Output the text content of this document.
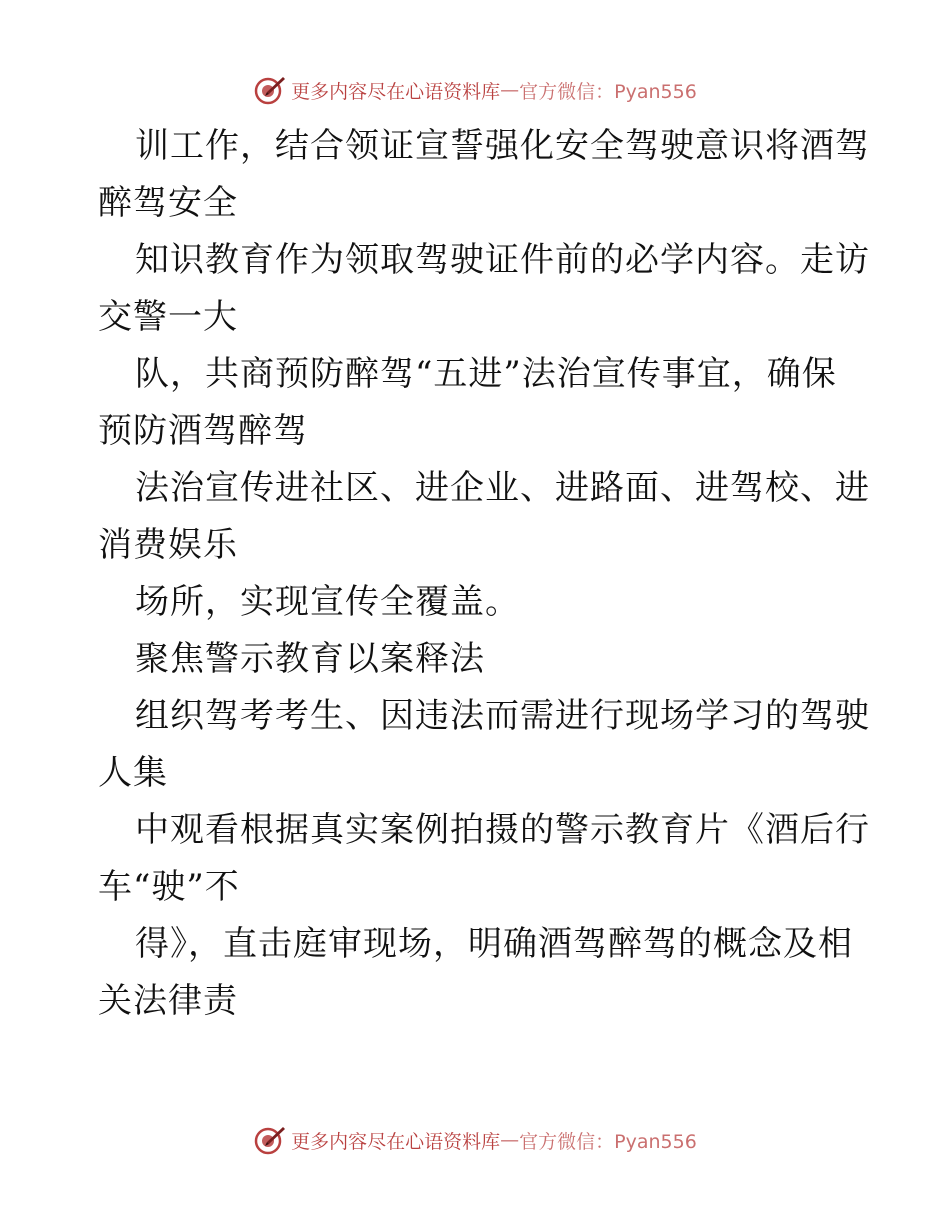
更多内容尽在心语资料库 — 官方微信：Pyan556
训工作，结合领证宣誓强化安全驾驶意识将酒驾
醉驾安全
知识教育作为领取驾驶证件前的必学内容。走访
交警一大
队，共商预防醉驾“五进”法治宣传事宜，确保
预防酒驾醉驾
法治宣传进社区、进企业、进路面、进驾校、进
消费娱乐
场所，实现宣传全覆盖。
聚焦警示教育以案释法
组织驾考考生、因违法而需进行现场学习的驾驶
人集
中观看根据真实案例拍摄的警示教育片《酒后行
车“驶”不
得》，直击庭审现场，明确酒驾醉驾的概念及相
关法律责
更多内容尽在心语资料库 — 官方微信：Pyan556
